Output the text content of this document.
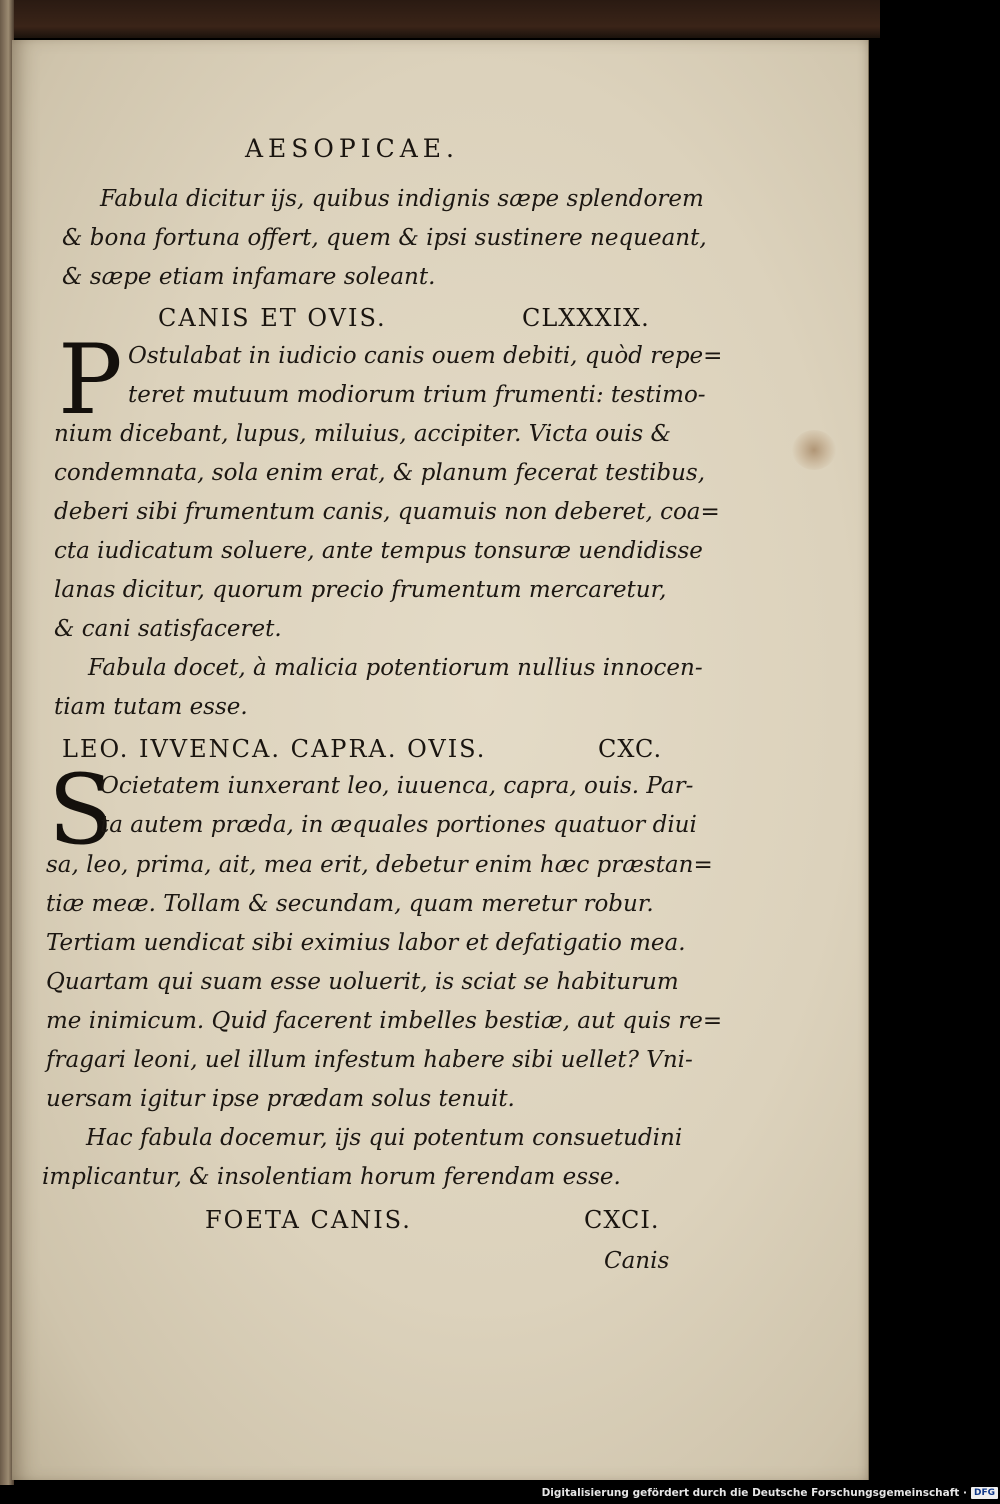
AESOPICAE.
Fabula dicitur ijs, quibus indignis sæpe splendorem
& bona fortuna offert, quem & ipsi sustinere nequeant,
& sæpe etiam infamare soleant.
CANIS ET OVIS.	CLXXXIX.
P Ostulabat in iudicio canis ouem debiti, quòd repe=
teret mutuum modiorum trium frumenti: testimo-
nium dicebant, lupus, miluius, accipiter. Victa ouis &
condemnata, sola enim erat, & planum fecerat testibus,
deberi sibi frumentum canis, quamuis non deberet, coa=
cta iudicatum soluere, ante tempus tonsuræ uendidisse
lanas dicitur, quorum precio frumentum mercaretur,
& cani satisfaceret.
Fabula docet, à malicia potentiorum nullius innocen-
tiam tutam esse.
LEO. IVVENCA. CAPRA. OVIS.	CXC.
S
Ocietatem iunxerant leo, iuuenca, capra, ouis. Par-
ta autem præda, in æquales portiones quatuor diui
sa, leo, prima, ait, mea erit, debetur enim hæc præstan=
tiæ meæ. Tollam & secundam, quam meretur robur.
Tertiam uendicat sibi eximius labor et defatigatio mea.
Quartam qui suam esse uoluerit, is sciat se habiturum
me inimicum. Quid facerent imbelles bestiæ, aut quis re=
fragari leoni, uel illum infestum habere sibi uellet? Vni-
uersam igitur ipse prædam solus tenuit.
Hac fabula docemur, ijs qui potentum consuetudini
implicantur, & insolentiam horum ferendam esse.
FOETA CANIS.	CXCI.
Canis
Digitalisierung gefördert durch die Deutsche Forschungsgemeinschaft · DFG
